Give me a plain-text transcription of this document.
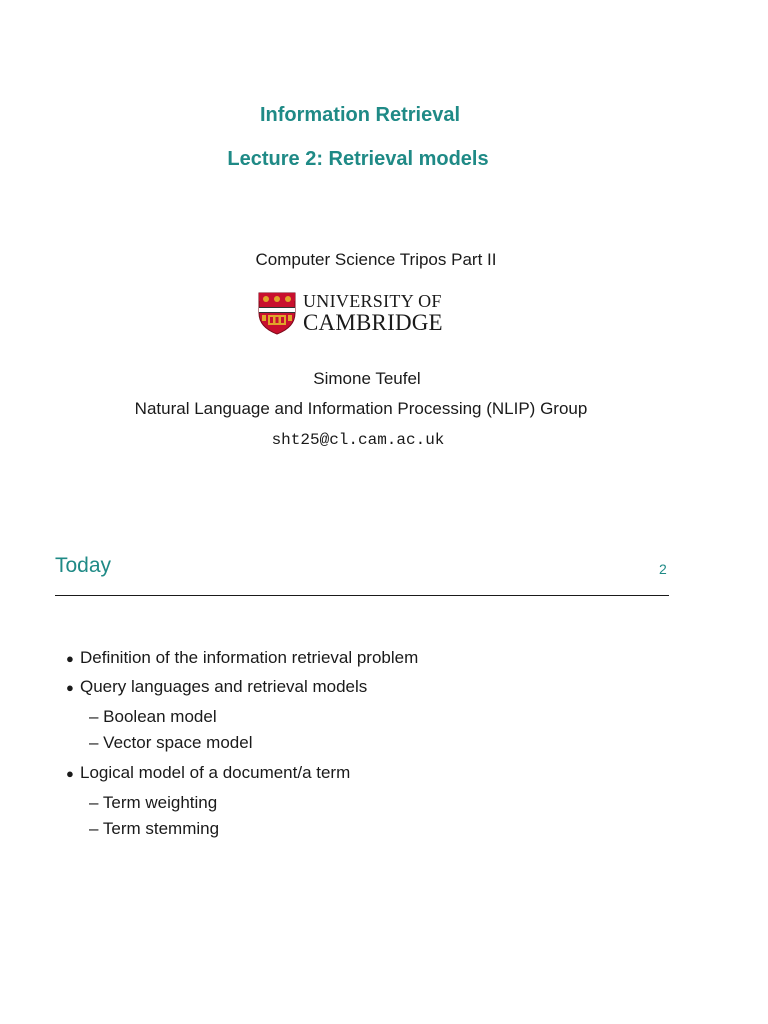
Information Retrieval
Lecture 2: Retrieval models
Computer Science Tripos Part II
UNIVERSITY OF
CAMBRIDGE
Simone Teufel
Natural Language and Information Processing (NLIP) Group
sht25@cl.cam.ac.uk
Today	2
● Definition of the information retrieval problem
● Query languages and retrieval models
– Boolean model
– Vector space model
● Logical model of a document/a term
– Term weighting
– Term stemming
